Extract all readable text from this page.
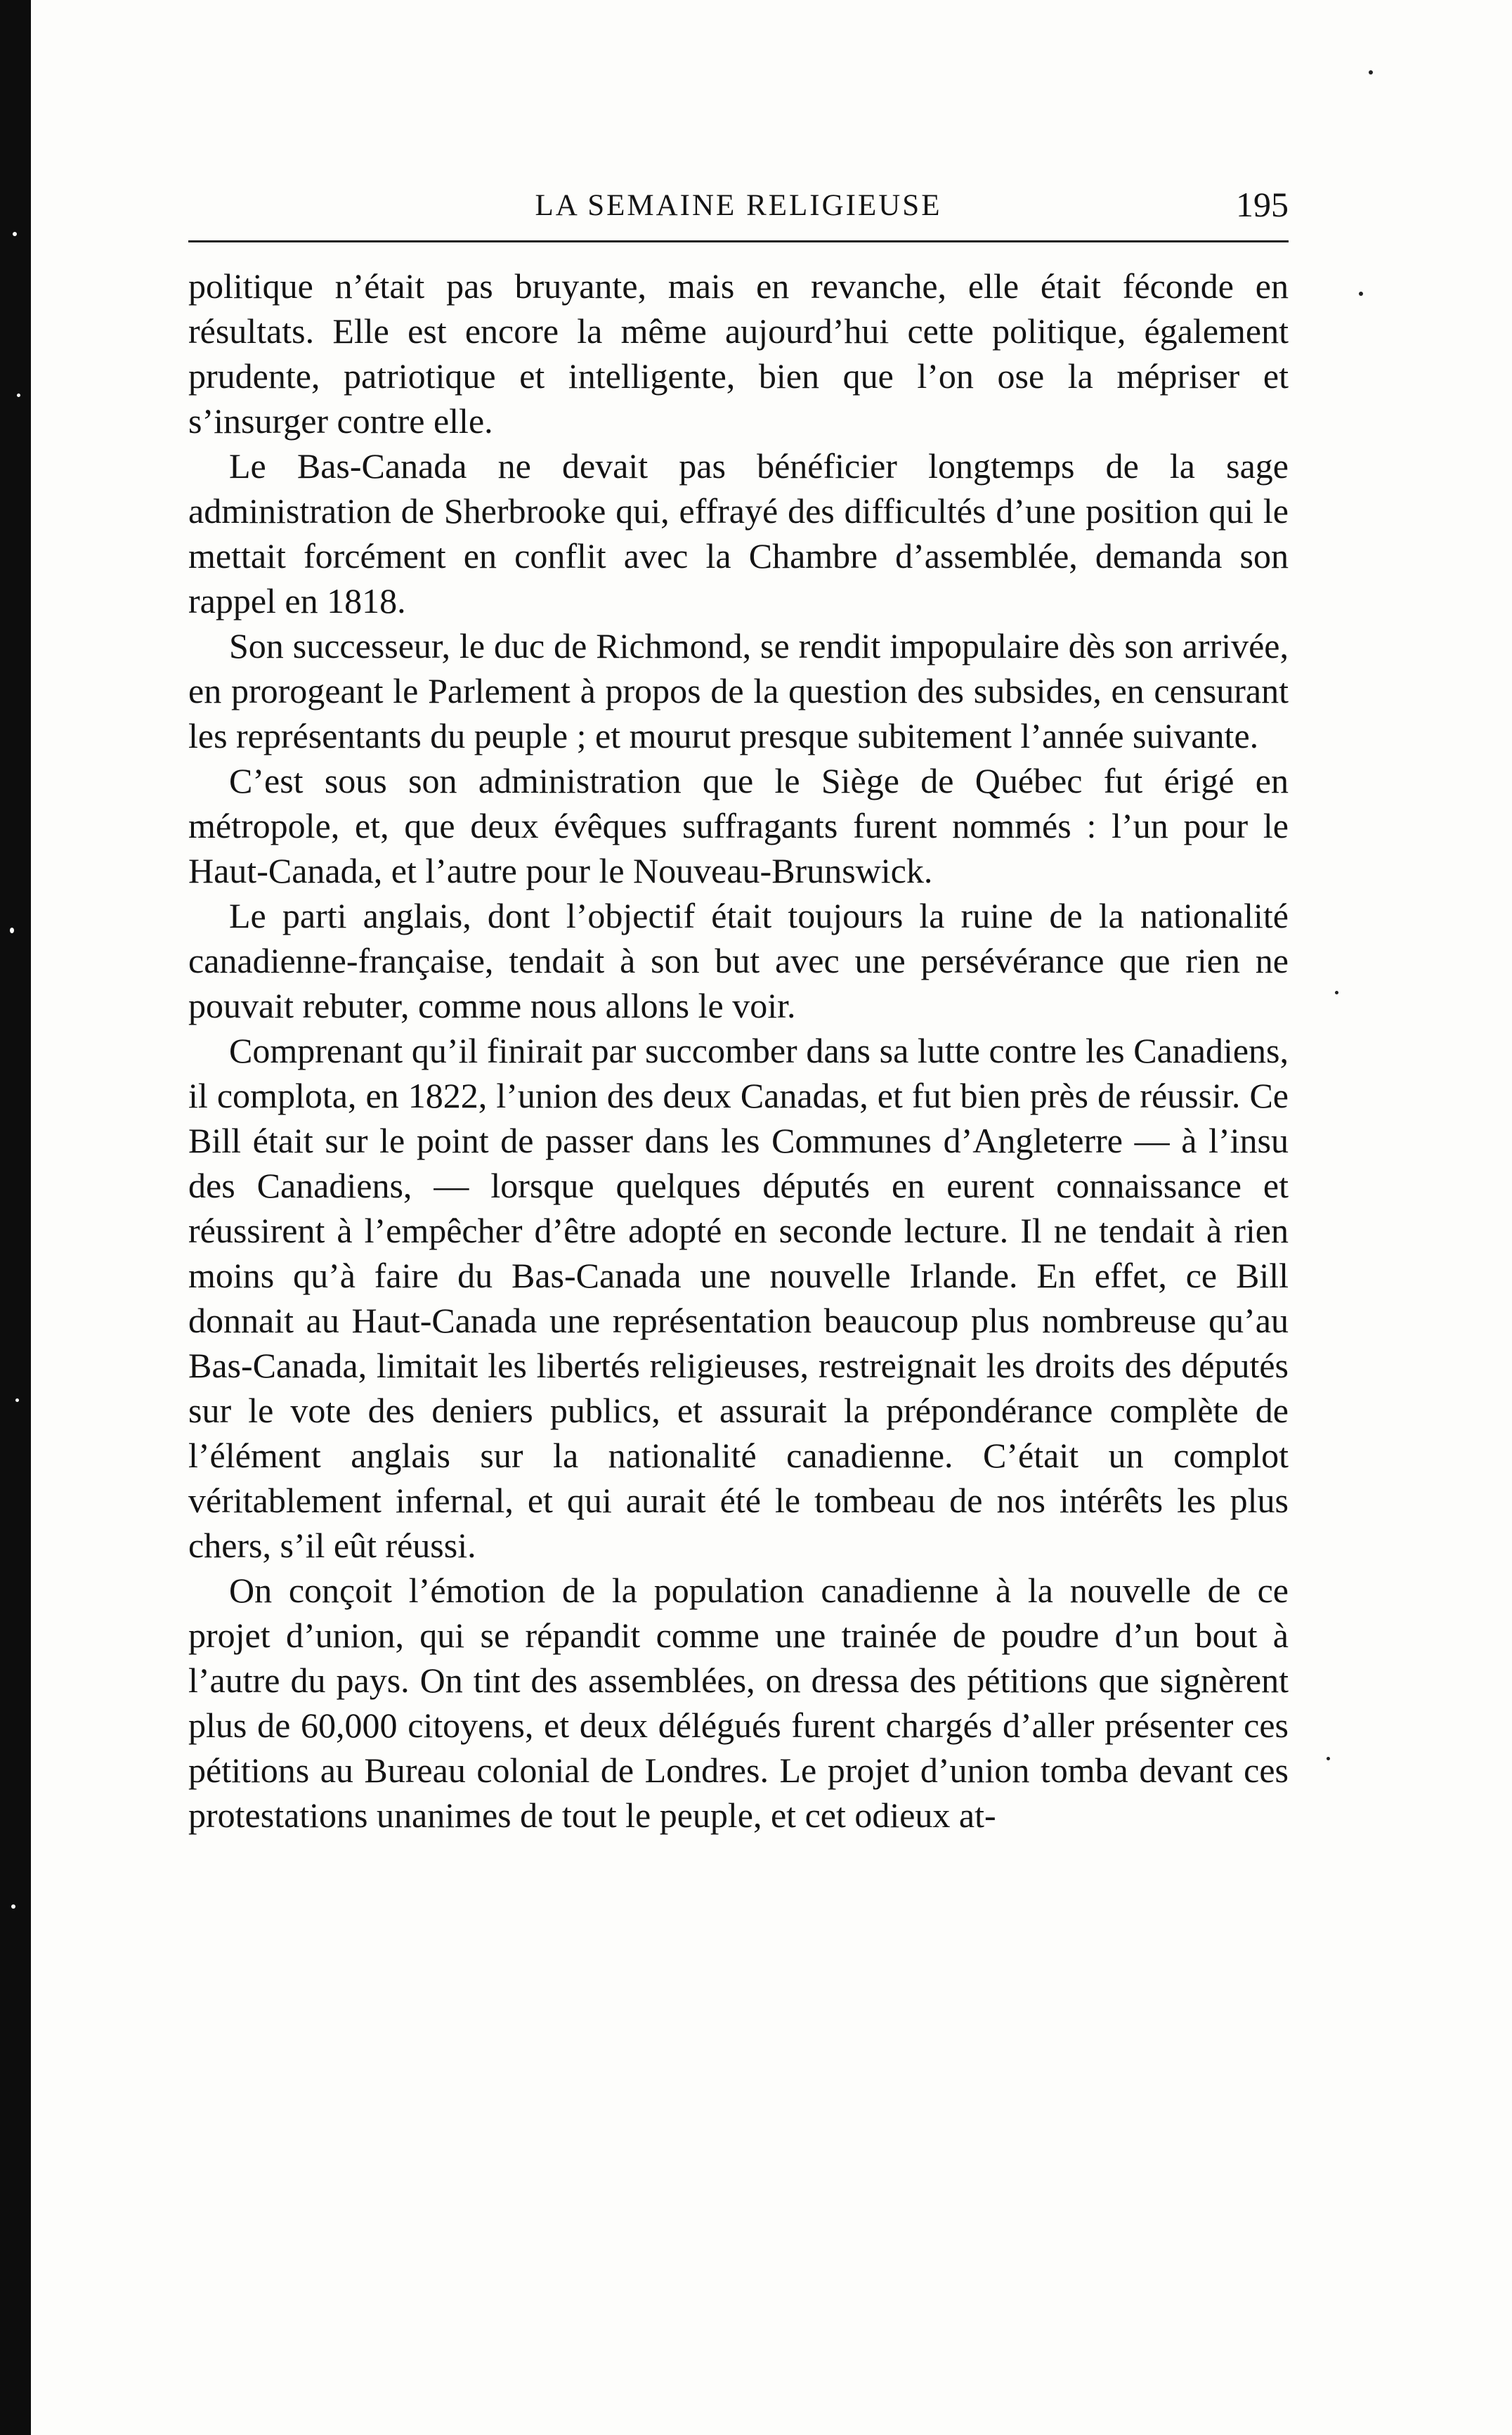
LA SEMAINE RELIGIEUSE	195

politique n’était pas bruyante, mais en revanche, elle était féconde en résultats. Elle est encore la même aujourd’hui cette politique, également prudente, patriotique et intelligente, bien que l’on ose la mépriser et s’insurger contre elle.

Le Bas-Canada ne devait pas bénéficier longtemps de la sage administration de Sherbrooke qui, effrayé des difficultés d’une position qui le mettait forcément en conflit avec la Chambre d’assemblée, demanda son rappel en 1818.

Son successeur, le duc de Richmond, se rendit impopulaire dès son arrivée, en prorogeant le Parlement à propos de la question des subsides, en censurant les représentants du peuple ; et mourut presque subitement l’année suivante.

C’est sous son administration que le Siège de Québec fut érigé en métropole, et, que deux évêques suffragants furent nommés : l’un pour le Haut-Canada, et l’autre pour le Nouveau-Brunswick.

Le parti anglais, dont l’objectif était toujours la ruine de la nationalité canadienne-française, tendait à son but avec une persévérance que rien ne pouvait rebuter, comme nous allons le voir.

Comprenant qu’il finirait par succomber dans sa lutte contre les Canadiens, il complota, en 1822, l’union des deux Canadas, et fut bien près de réussir. Ce Bill était sur le point de passer dans les Communes d’Angleterre — à l’insu des Canadiens, — lorsque quelques députés en eurent connaissance et réussirent à l’empêcher d’être adopté en seconde lecture. Il ne tendait à rien moins qu’à faire du Bas-Canada une nouvelle Irlande. En effet, ce Bill donnait au Haut-Canada une représentation beaucoup plus nombreuse qu’au Bas-Canada, limitait les libertés religieuses, restreignait les droits des députés sur le vote des deniers publics, et assurait la prépondérance complète de l’élément anglais sur la nationalité canadienne. C’était un complot véritablement infernal, et qui aurait été le tombeau de nos intérêts les plus chers, s’il eût réussi.

On conçoit l’émotion de la population canadienne à la nouvelle de ce projet d’union, qui se répandit comme une trainée de poudre d’un bout à l’autre du pays. On tint des assemblées, on dressa des pétitions que signèrent plus de 60,000 citoyens, et deux délégués furent chargés d’aller présenter ces pétitions au Bureau colonial de Londres. Le projet d’union tomba devant ces protestations unanimes de tout le peuple, et cet odieux at-
